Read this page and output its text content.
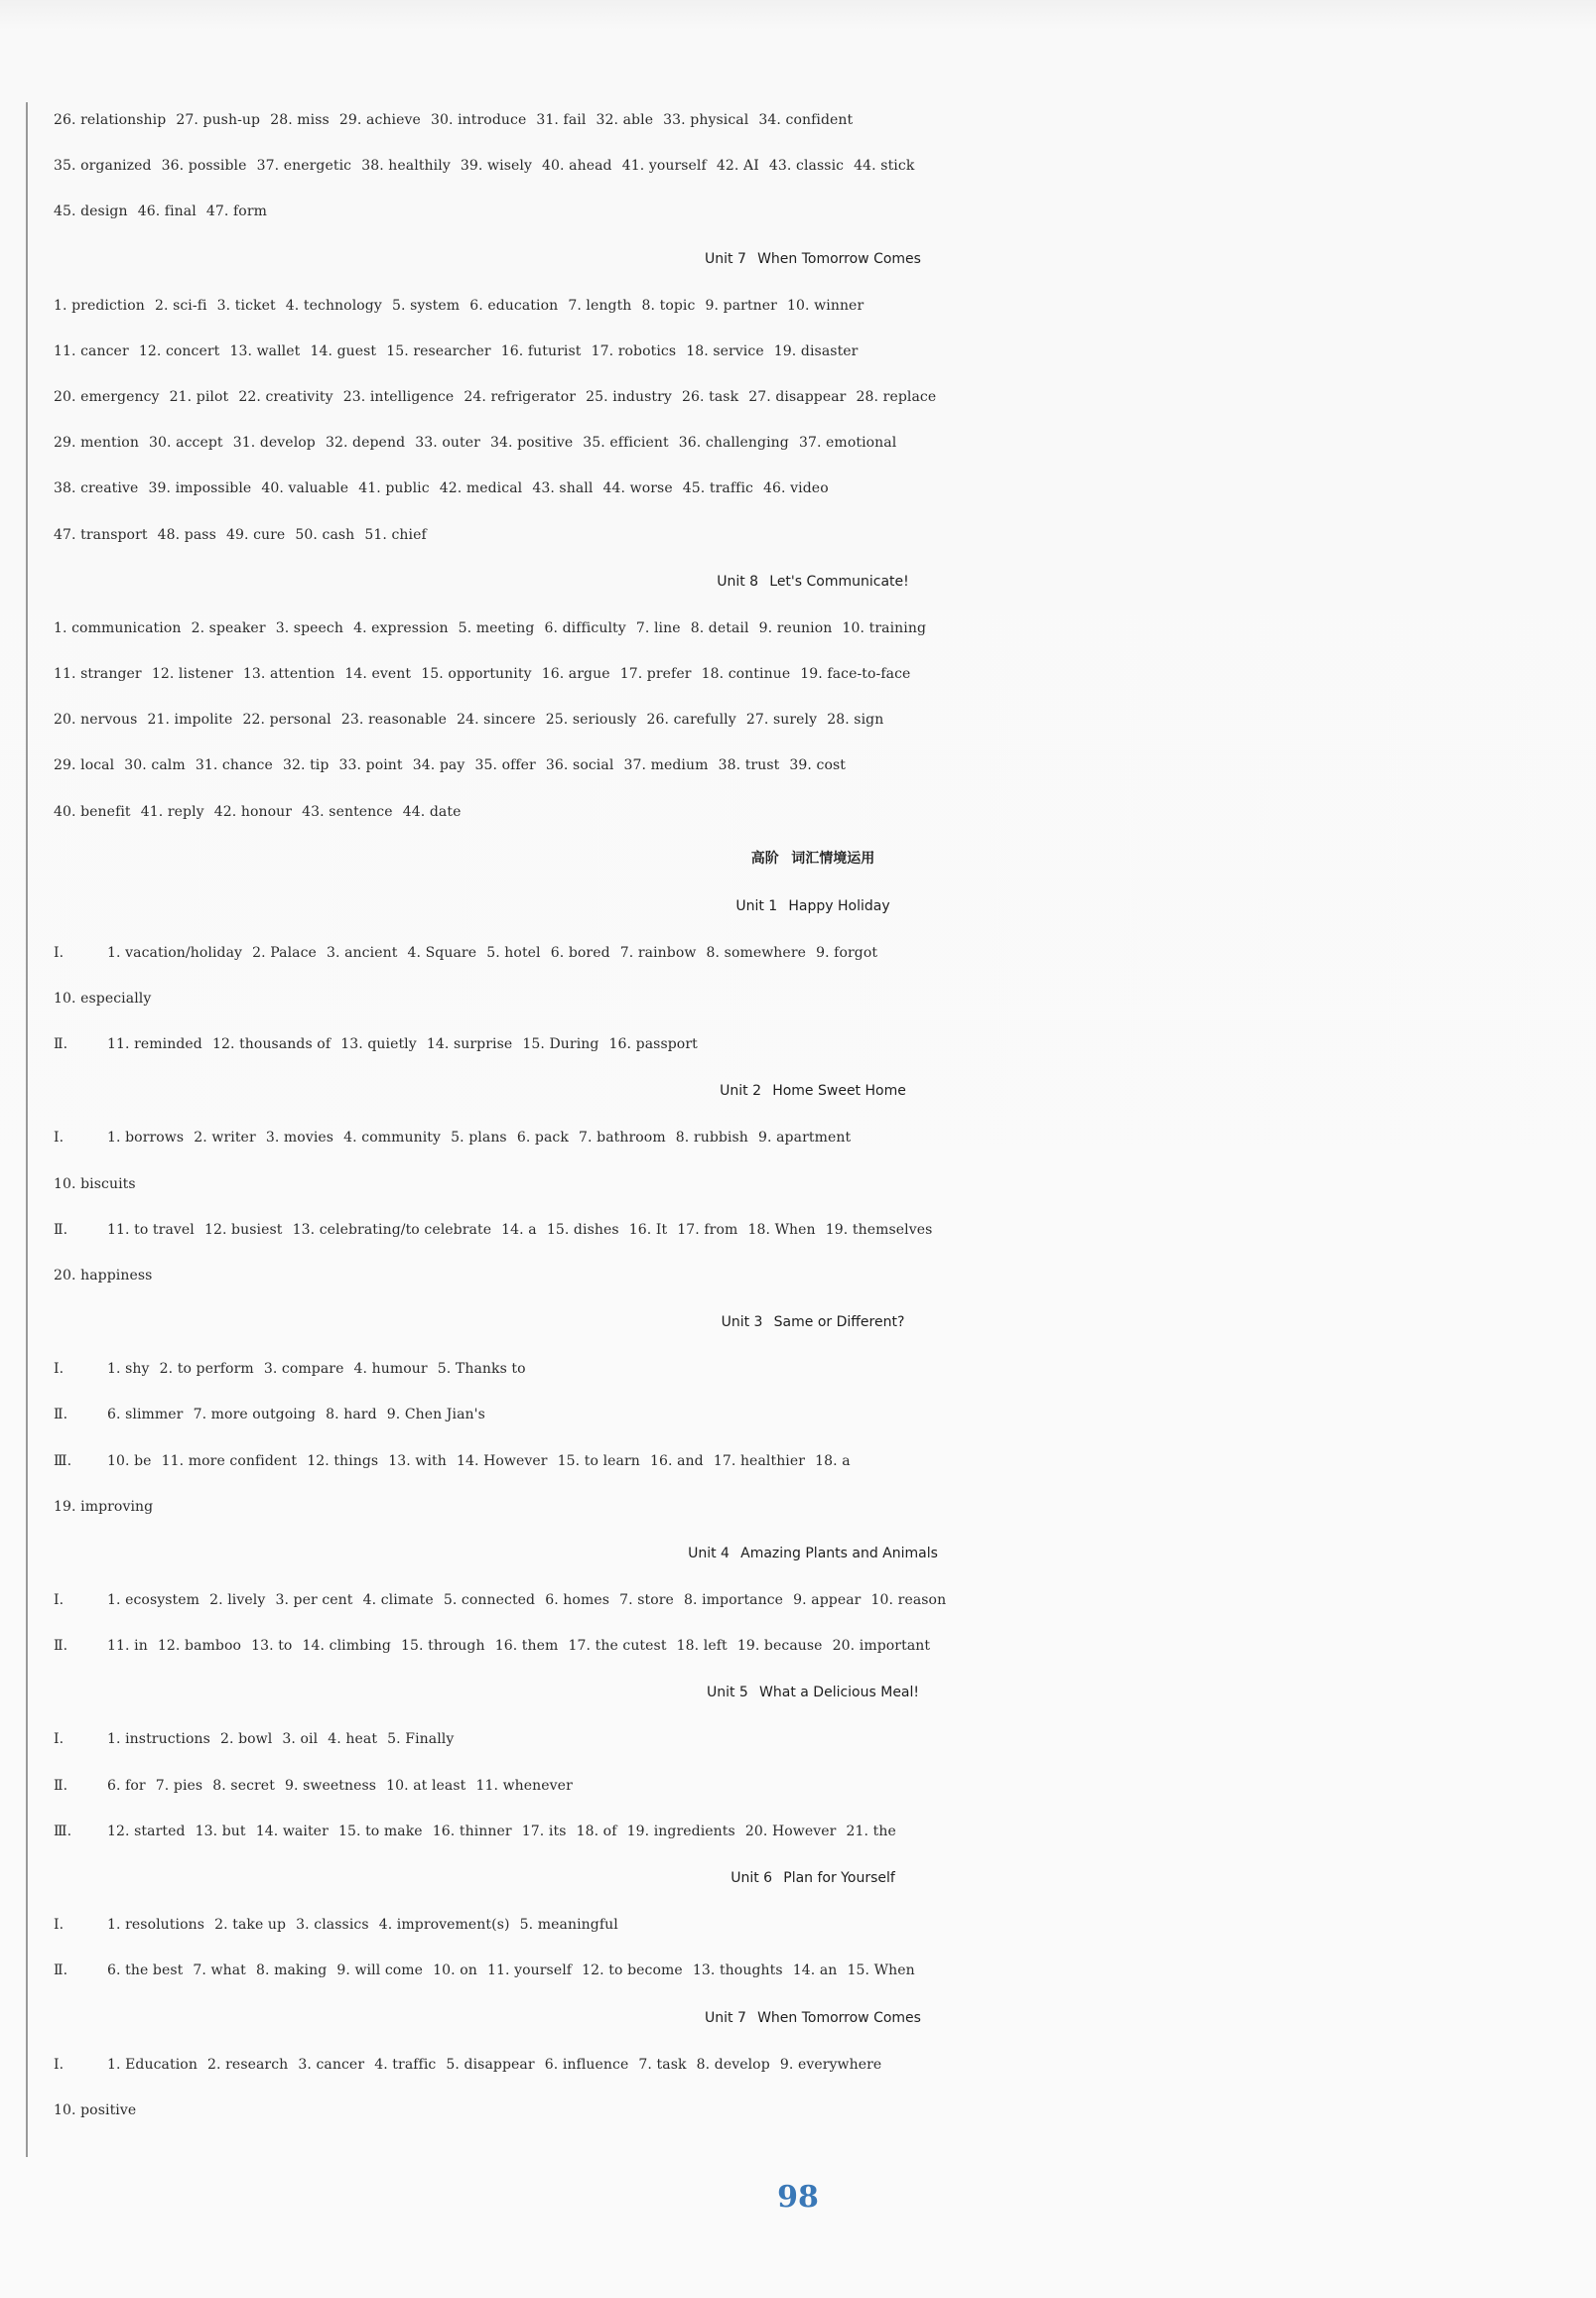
26. relationship 27. push-up 28. miss 29. achieve 30. introduce 31. fail 32. able 33. physical 34. confident
35. organized 36. possible 37. energetic 38. healthily 39. wisely 40. ahead 41. yourself 42. AI 43. classic 44. stick
45. design 46. final 47. form
Unit 7 When Tomorrow Comes
1. prediction 2. sci-fi 3. ticket 4. technology 5. system 6. education 7. length 8. topic 9. partner 10. winner
11. cancer 12. concert 13. wallet 14. guest 15. researcher 16. futurist 17. robotics 18. service 19. disaster
20. emergency 21. pilot 22. creativity 23. intelligence 24. refrigerator 25. industry 26. task 27. disappear 28. replace
29. mention 30. accept 31. develop 32. depend 33. outer 34. positive 35. efficient 36. challenging 37. emotional
38. creative 39. impossible 40. valuable 41. public 42. medical 43. shall 44. worse 45. traffic 46. video
47. transport 48. pass 49. cure 50. cash 51. chief
Unit 8 Let's Communicate!
1. communication 2. speaker 3. speech 4. expression 5. meeting 6. difficulty 7. line 8. detail 9. reunion 10. training
11. stranger 12. listener 13. attention 14. event 15. opportunity 16. argue 17. prefer 18. continue 19. face-to-face
20. nervous 21. impolite 22. personal 23. reasonable 24. sincere 25. seriously 26. carefully 27. surely 28. sign
29. local 30. calm 31. chance 32. tip 33. point 34. pay 35. offer 36. social 37. medium 38. trust 39. cost
40. benefit 41. reply 42. honour 43. sentence 44. date
高阶 词汇情境运用
Unit 1 Happy Holiday
Ⅰ.	1. vacation/holiday 2. Palace 3. ancient 4. Square 5. hotel 6. bored 7. rainbow 8. somewhere 9. forgot
10. especially
Ⅱ.	11. reminded 12. thousands of 13. quietly 14. surprise 15. During 16. passport
Unit 2 Home Sweet Home
Ⅰ.	1. borrows 2. writer 3. movies 4. community 5. plans 6. pack 7. bathroom 8. rubbish 9. apartment
10. biscuits
Ⅱ.	11. to travel 12. busiest 13. celebrating/to celebrate 14. a 15. dishes 16. It 17. from 18. When 19. themselves
20. happiness
Unit 3 Same or Different?
Ⅰ.	1. shy 2. to perform 3. compare 4. humour 5. Thanks to
Ⅱ.	6. slimmer 7. more outgoing 8. hard 9. Chen Jian's
Ⅲ.	10. be 11. more confident 12. things 13. with 14. However 15. to learn 16. and 17. healthier 18. a
19. improving
Unit 4 Amazing Plants and Animals
Ⅰ.	1. ecosystem 2. lively 3. per cent 4. climate 5. connected 6. homes 7. store 8. importance 9. appear 10. reason
Ⅱ.	11. in 12. bamboo 13. to 14. climbing 15. through 16. them 17. the cutest 18. left 19. because 20. important
Unit 5 What a Delicious Meal!
Ⅰ.	1. instructions 2. bowl 3. oil 4. heat 5. Finally
Ⅱ.	6. for 7. pies 8. secret 9. sweetness 10. at least 11. whenever
Ⅲ.	12. started 13. but 14. waiter 15. to make 16. thinner 17. its 18. of 19. ingredients 20. However 21. the
Unit 6 Plan for Yourself
Ⅰ.	1. resolutions 2. take up 3. classics 4. improvement(s) 5. meaningful
Ⅱ.	6. the best 7. what 8. making 9. will come 10. on 11. yourself 12. to become 13. thoughts 14. an 15. When
Unit 7 When Tomorrow Comes
Ⅰ.	1. Education 2. research 3. cancer 4. traffic 5. disappear 6. influence 7. task 8. develop 9. everywhere
10. positive
98
